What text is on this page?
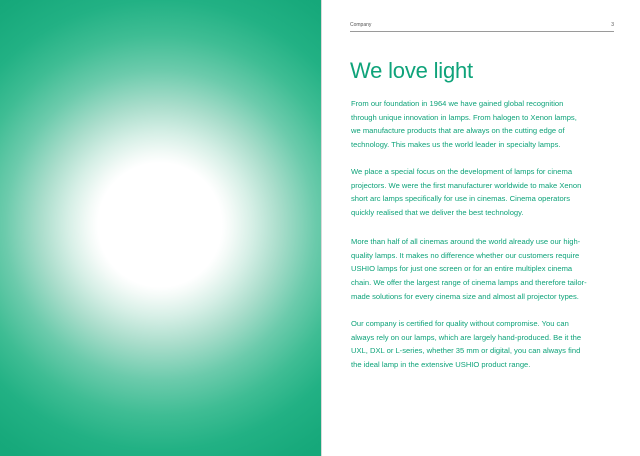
Company	3
We love light

From our foundation in 1964 we have gained global recognition
through unique innovation in lamps. From halogen to Xenon lamps,
we manufacture products that are always on the cutting edge of
technology. This makes us the world leader in specialty lamps.

We place a special focus on the development of lamps for cinema
projectors. We were the first manufacturer worldwide to make Xenon
short arc lamps specifically for use in cinemas. Cinema operators
quickly realised that we deliver the best technology.

More than half of all cinemas around the world already use our high-
quality lamps. It makes no difference whether our customers require
USHIO lamps for just one screen or for an entire multiplex cinema
chain. We offer the largest range of cinema lamps and therefore tailor-
made solutions for every cinema size and almost all projector types.

Our company is certified for quality without compromise. You can
always rely on our lamps, which are largely hand-produced. Be it the
UXL, DXL or L-series, whether 35 mm or digital, you can always find
the ideal lamp in the extensive USHIO product range.
